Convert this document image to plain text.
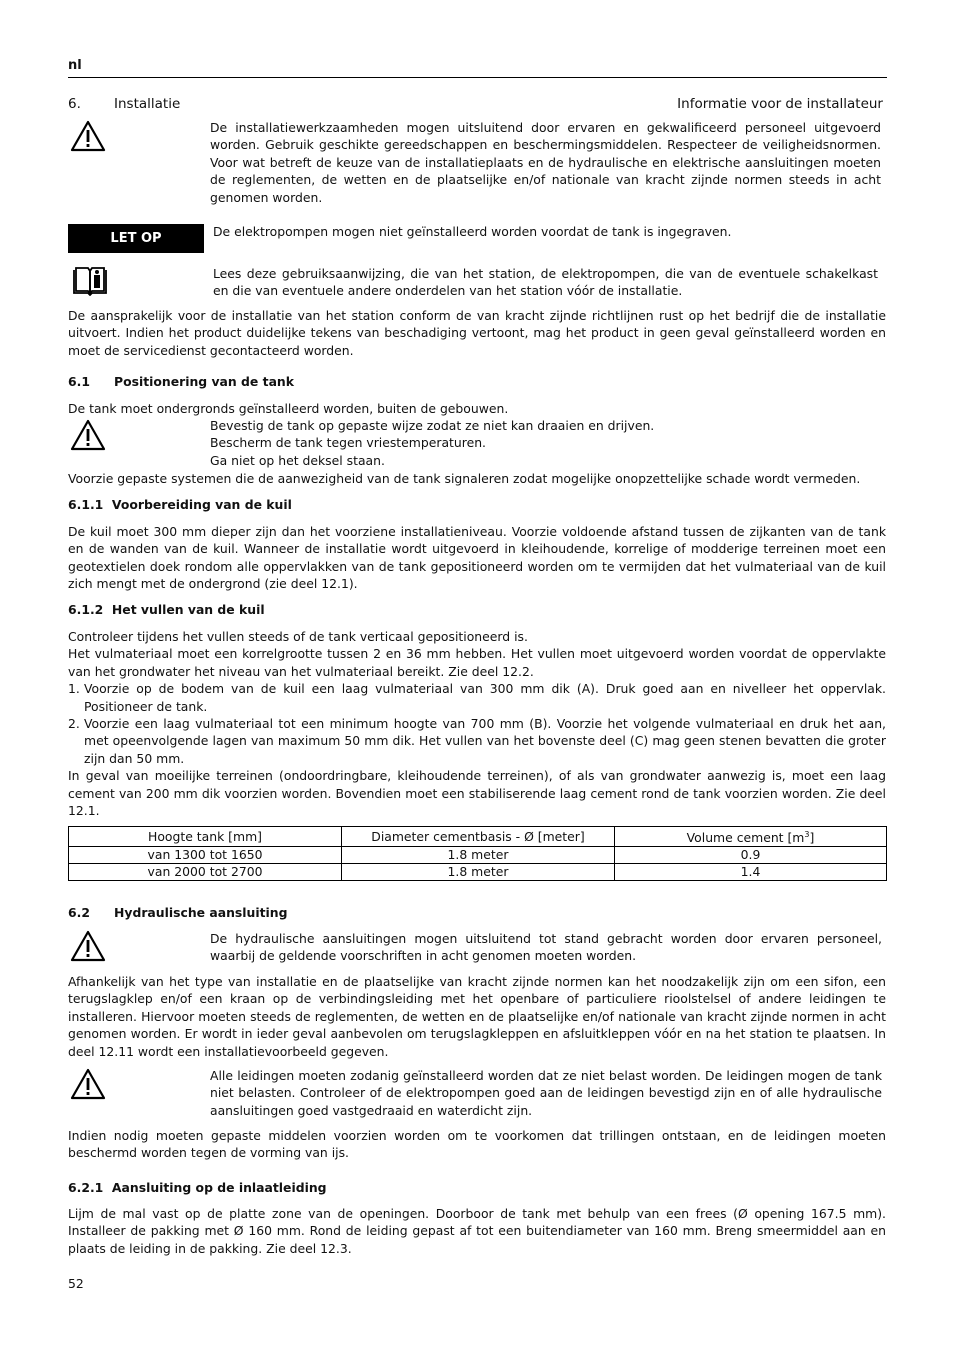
nl
6. Installatie	Informatie voor de installateur

De installatiewerkzaamheden mogen uitsluitend door ervaren en gekwalificeerd personeel uitgevoerd worden. Gebruik geschikte gereedschappen en beschermingsmiddelen. Respecteer de veiligheidsnormen. Voor wat betreft de keuze van de installatieplaats en de hydraulische en elektrische aansluitingen moeten de reglementen, de wetten en de plaatselijke en/of nationale van kracht zijnde normen steeds in acht genomen worden.

LET OP	De elektropompen mogen niet geïnstalleerd worden voordat de tank is ingegraven.

Lees deze gebruiksaanwijzing, die van het station, de elektropompen, die van de eventuele schakelkast en die van eventuele andere onderdelen van het station vóór de installatie.

De aansprakelijk voor de installatie van het station conform de van kracht zijnde richtlijnen rust op het bedrijf die de installatie uitvoert. Indien het product duidelijke tekens van beschadiging vertoont, mag het product in geen geval geïnstalleerd worden en moet de servicedienst gecontacteerd worden.

6.1 Positionering van de tank

De tank moet ondergronds geïnstalleerd worden, buiten de gebouwen.

Bevestig de tank op gepaste wijze zodat ze niet kan draaien en drijven.

Bescherm de tank tegen vriestemperaturen.

Ga niet op het deksel staan.

Voorzie gepaste systemen die de aanwezigheid van de tank signaleren zodat mogelijke onopzettelijke schade wordt vermeden.

6.1.1 Voorbereiding van de kuil

De kuil moet 300 mm dieper zijn dan het voorziene installatieniveau. Voorzie voldoende afstand tussen de zijkanten van de tank en de wanden van de kuil. Wanneer de installatie wordt uitgevoerd in kleihoudende, korrelige of modderige terreinen moet een geotextielen doek rondom alle oppervlakken van de tank gepositioneerd worden om te vermijden dat het vulmateriaal van de kuil zich mengt met de ondergrond (zie deel 12.1).

6.1.2 Het vullen van de kuil

Controleer tijdens het vullen steeds of de tank verticaal gepositioneerd is.

Het vulmateriaal moet een korrelgrootte tussen 2 en 36 mm hebben. Het vullen moet uitgevoerd worden voordat de oppervlakte van het grondwater het niveau van het vulmateriaal bereikt. Zie deel 12.2.

1. Voorzie op de bodem van de kuil een laag vulmateriaal van 300 mm dik (A). Druk goed aan en nivelleer het oppervlak. Positioneer de tank.
2. Voorzie een laag vulmateriaal tot een minimum hoogte van 700 mm (B). Voorzie het volgende vulmateriaal en druk het aan, met opeenvolgende lagen van maximum 50 mm dik. Het vullen van het bovenste deel (C) mag geen stenen bevatten die groter zijn dan 50 mm.

In geval van moeilijke terreinen (ondoordringbare, kleihoudende terreinen), of als van grondwater aanwezig is, moet een laag cement van 200 mm dik voorzien worden. Bovendien moet een stabiliserende laag cement rond de tank voorzien worden. Zie deel 12.1.

Hoogte tank [mm]	Diameter cementbasis - Ø [meter]	Volume cement $[m^3]$
van 1300 tot 1650	1.8 meter	0.9
van 2000 tot 2700	1.8 meter	1.4
6.2 Hydraulische aansluiting

De hydraulische aansluitingen mogen uitsluitend tot stand gebracht worden door ervaren personeel, waarbij de geldende voorschriften in acht genomen moeten worden.

Afhankelijk van het type van installatie en de plaatselijke van kracht zijnde normen kan het noodzakelijk zijn om een sifon, een terugslagklep en/of een kraan op de verbindingsleiding met het openbare of particuliere rioolstelsel of andere leidingen te installeren. Hiervoor moeten steeds de reglementen, de wetten en de plaatselijke en/of nationale van kracht zijnde normen in acht genomen worden. Er wordt in ieder geval aanbevolen om terugslagkleppen en afsluitkleppen vóór en na het station te plaatsen. In deel 12.11 wordt een installatievoorbeeld gegeven.

Alle leidingen moeten zodanig geïnstalleerd worden dat ze niet belast worden. De leidingen mogen de tank niet belasten. Controleer of de elektropompen goed aan de leidingen bevestigd zijn en of alle hydraulische aansluitingen goed vastgedraaid en waterdicht zijn.

Indien nodig moeten gepaste middelen voorzien worden om te voorkomen dat trillingen ontstaan, en de leidingen moeten beschermd worden tegen de vorming van ijs.

6.2.1 Aansluiting op de inlaatleiding

Lijm de mal vast op de platte zone van de openingen. Doorboor de tank met behulp van een frees (Ø opening 167.5 mm). Installeer de pakking met Ø 160 mm. Rond de leiding gepast af tot een buitendiameter van 160 mm. Breng smeermiddel aan en plaats de leiding in de pakking. Zie deel 12.3.

52
